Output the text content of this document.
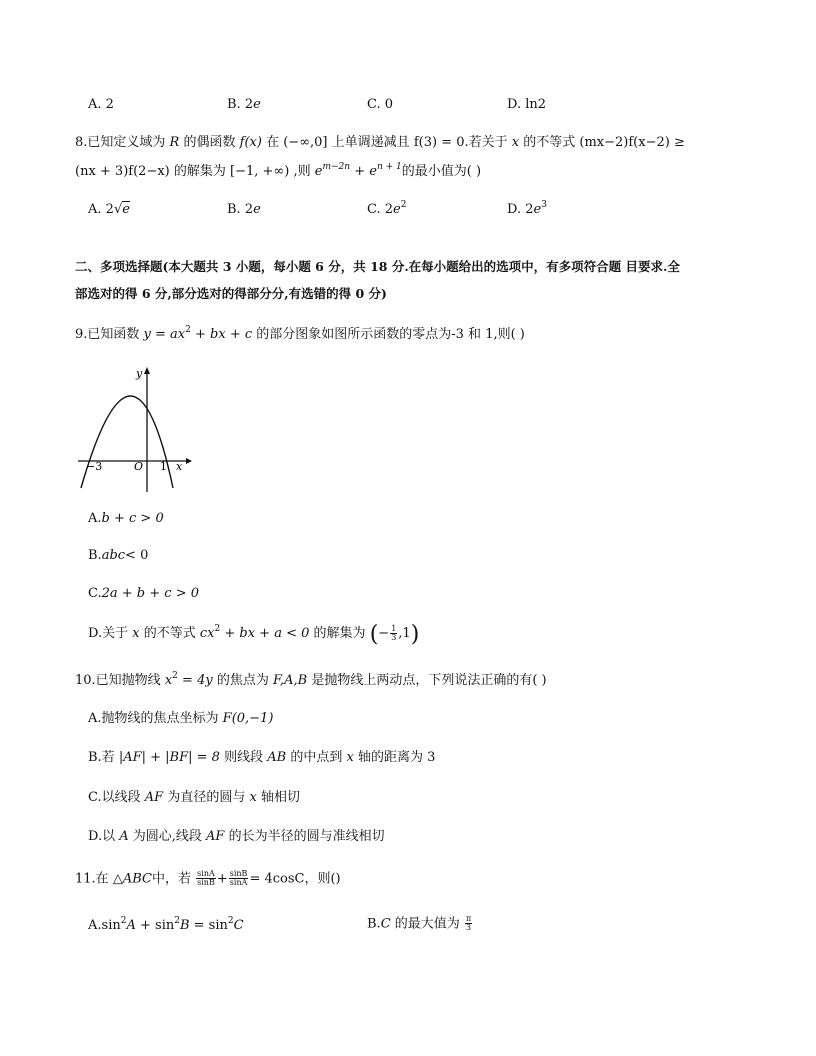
A. 2	B. 2e	C. 0	D. ln2
8.已知定义域为 R 的偶函数 f(x) 在 (−∞,0] 上单调递减且 f(3) = 0.若关于 x 的不等式 (mx−2)f(x−2) ≥
(nx + 3)f(2−x) 的解集为 [−1, +∞) ,则 $e^{m-2n} + e^{n + 1}$的最小值为( )
A. 2√e	B. 2e	C. $2e^2$	D. $2e^3$
二、多项选择题(本大题共 3 小题，每小题 6 分，共 18 分.在每小题给出的选项中，有多项符合题 目要求.全
部选对的得 6 分,部分选对的得部分分,有选错的得 0 分)
9.已知函数 $y = ax^2$ + bx + c 的部分图象如图所示函数的零点为-3 和 1,则( )
y
x
O
−3	1
A.b + c > 0
B.abc< 0
C.2a + b + c > 0
D.关于 x 的不等式 $cx^2$ + bx + a < 0 的解集为 (− $\frac{1}{3} ,1$)
10.已知抛物线 $x^2 = 4y$ 的焦点为 F,A,B 是抛物线上两动点，下列说法正确的有( )
A.抛物线的焦点坐标为 F(0,−1)
B.若 |AF| + |BF| = 8 则线段 AB 的中点到 x 轴的距离为 3
C.以线段 AF 为直径的圆与 x 轴相切
D.以 A 为圆心,线段 AF 的长为半径的圆与准线相切
11.在 △ABC中，若 $\frac{\sin A}{\sin B} + \frac{\sin B}{\sin A} = 4\cos C$，则()
$A.\sin^2A + \sin^2B = \sin^2C$	B.C 的最大值为 $\frac{\pi}{3}$
